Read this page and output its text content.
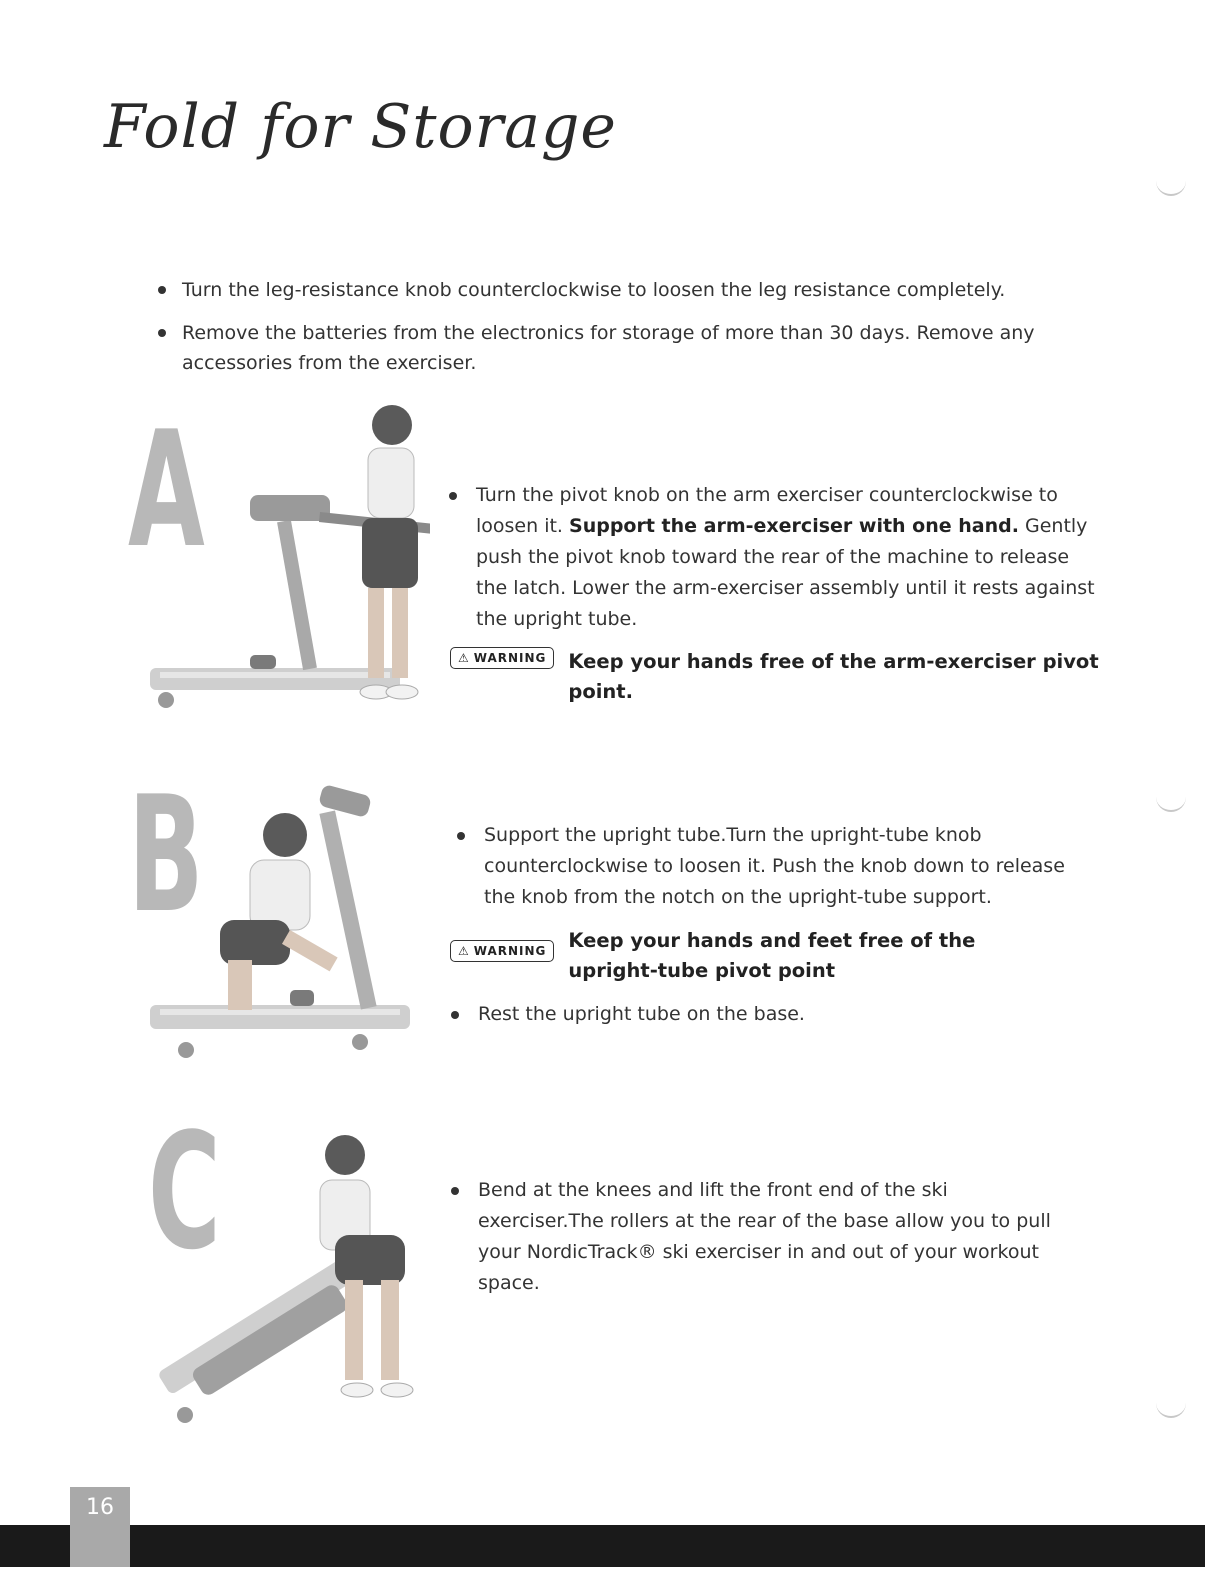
Fold for Storage
Turn the leg-resistance knob counterclockwise to loosen the leg resistance completely.
Remove the batteries from the electronics for storage of more than 30 days. Remove any accessories from the exerciser.
A	Turn the pivot knob on the arm exerciser counterclockwise to loosen it. Support the arm-exerciser with one hand. Gently push the pivot knob toward the rear of the machine to release the latch. Lower the arm-exerciser assembly until it rests against the upright tube.
⚠ WARNING Keep your hands free of the arm-exerciser pivot point.
B	Support the upright tube.Turn the upright-tube knob counterclockwise to loosen it. Push the knob down to release the knob from the notch on the upright-tube support.
⚠ WARNING Keep your hands and feet free of the upright-tube pivot point
Rest the upright tube on the base.
C	Bend at the knees and lift the front end of the ski exerciser.The rollers at the rear of the base allow you to pull your NordicTrack® ski exerciser in and out of your workout space.
16
